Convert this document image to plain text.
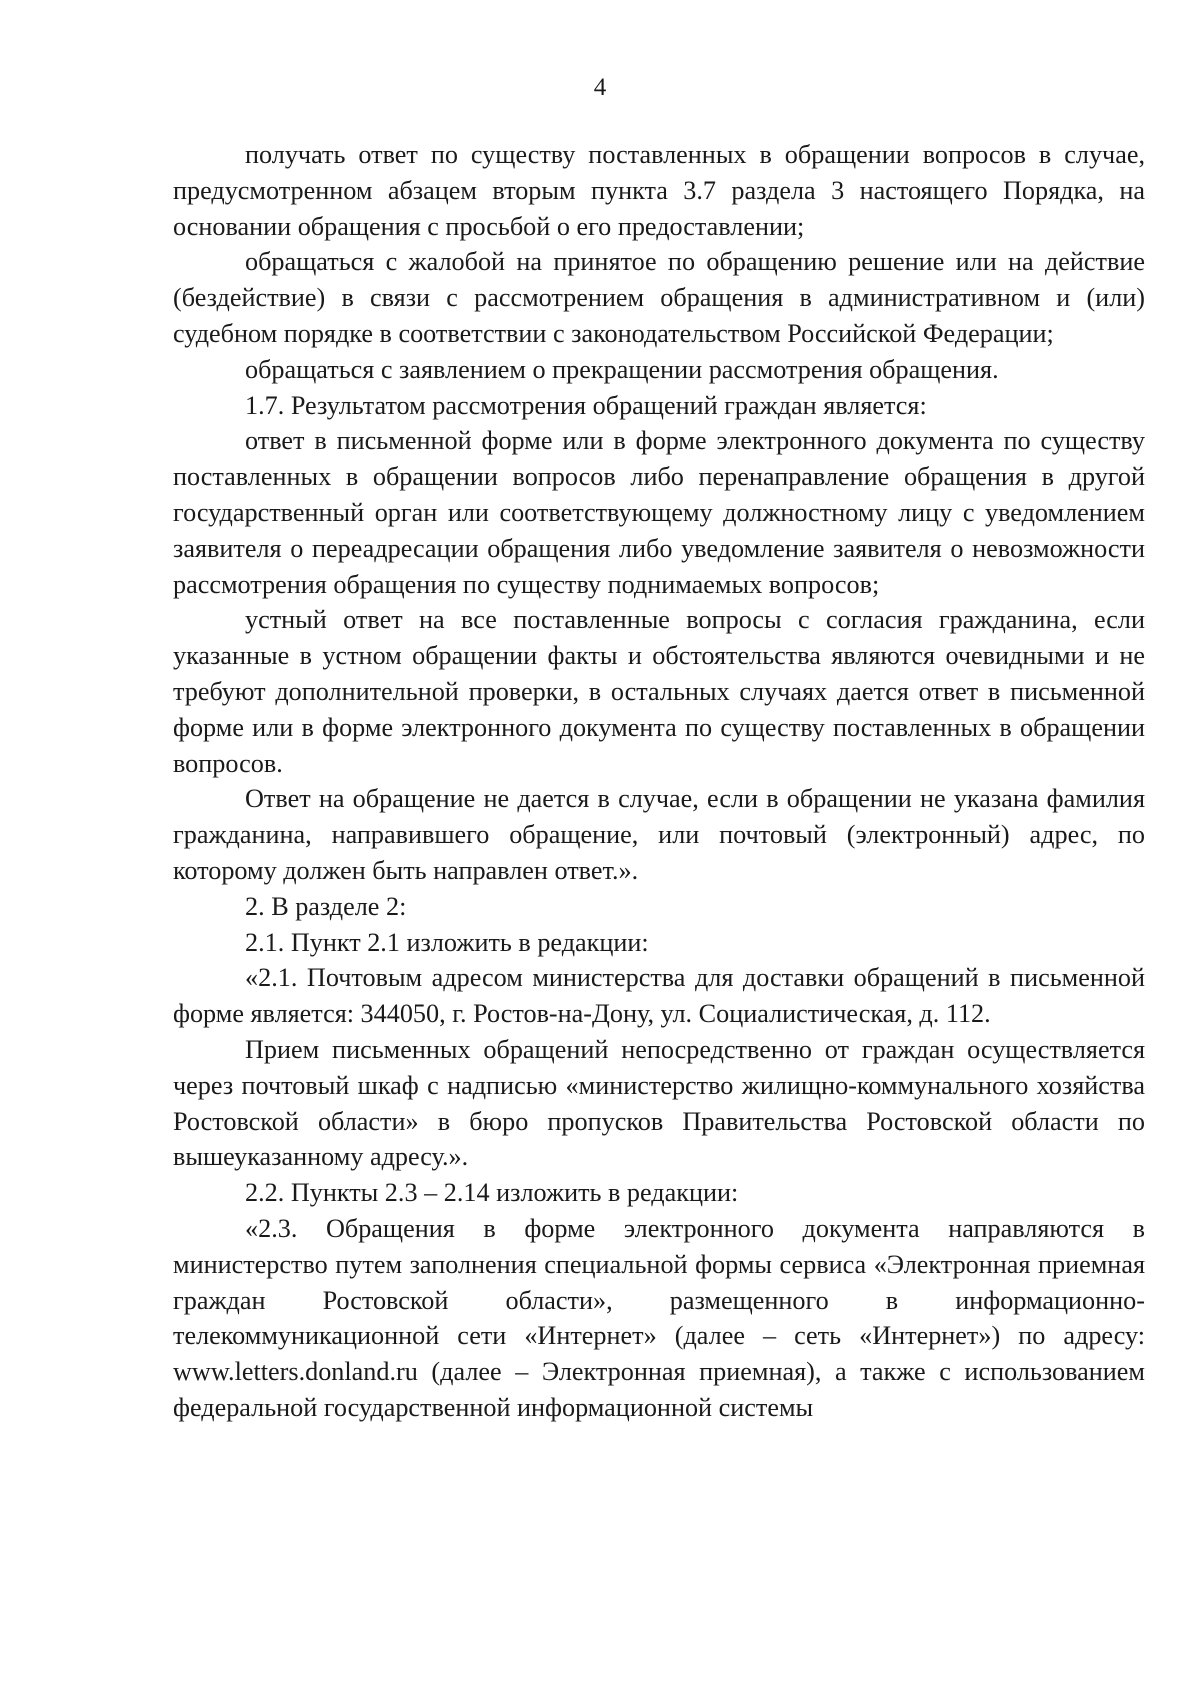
4

получать ответ по существу поставленных в обращении вопросов в случае, предусмотренном абзацем вторым пункта 3.7 раздела 3 настоящего Порядка, на основании обращения с просьбой о его предоставлении;

обращаться с жалобой на принятое по обращению решение или на действие (бездействие) в связи с рассмотрением обращения в административном и (или) судебном порядке в соответствии с законодательством Российской Федерации;

обращаться с заявлением о прекращении рассмотрения обращения.

1.7. Результатом рассмотрения обращений граждан является:

ответ в письменной форме или в форме электронного документа по существу поставленных в обращении вопросов либо перенаправление обращения в другой государственный орган или соответствующему должностному лицу с уведомлением заявителя о переадресации обращения либо уведомление заявителя о невозможности рассмотрения обращения по существу поднимаемых вопросов;

устный ответ на все поставленные вопросы с согласия гражданина, если указанные в устном обращении факты и обстоятельства являются очевидными и не требуют дополнительной проверки, в остальных случаях дается ответ в письменной форме или в форме электронного документа по существу поставленных в обращении вопросов.

Ответ на обращение не дается в случае, если в обращении не указана фамилия гражданина, направившего обращение, или почтовый (электронный) адрес, по которому должен быть направлен ответ.».

2. В разделе 2:

2.1. Пункт 2.1 изложить в редакции:

«2.1. Почтовым адресом министерства для доставки обращений в письменной форме является: 344050, г. Ростов-на-Дону, ул. Социалистическая, д. 112.

Прием письменных обращений непосредственно от граждан осуществляется через почтовый шкаф с надписью «министерство жилищно-коммунального хозяйства Ростовской области» в бюро пропусков Правительства Ростовской области по вышеуказанному адресу.».

2.2. Пункты 2.3 – 2.14 изложить в редакции:

«2.3. Обращения в форме электронного документа направляются в министерство путем заполнения специальной формы сервиса «Электронная приемная граждан Ростовской области», размещенного в информационно-телекоммуникационной сети «Интернет» (далее – сеть «Интернет») по адресу: www.letters.donland.ru (далее – Электронная приемная), а также с использованием федеральной государственной информационной системы
